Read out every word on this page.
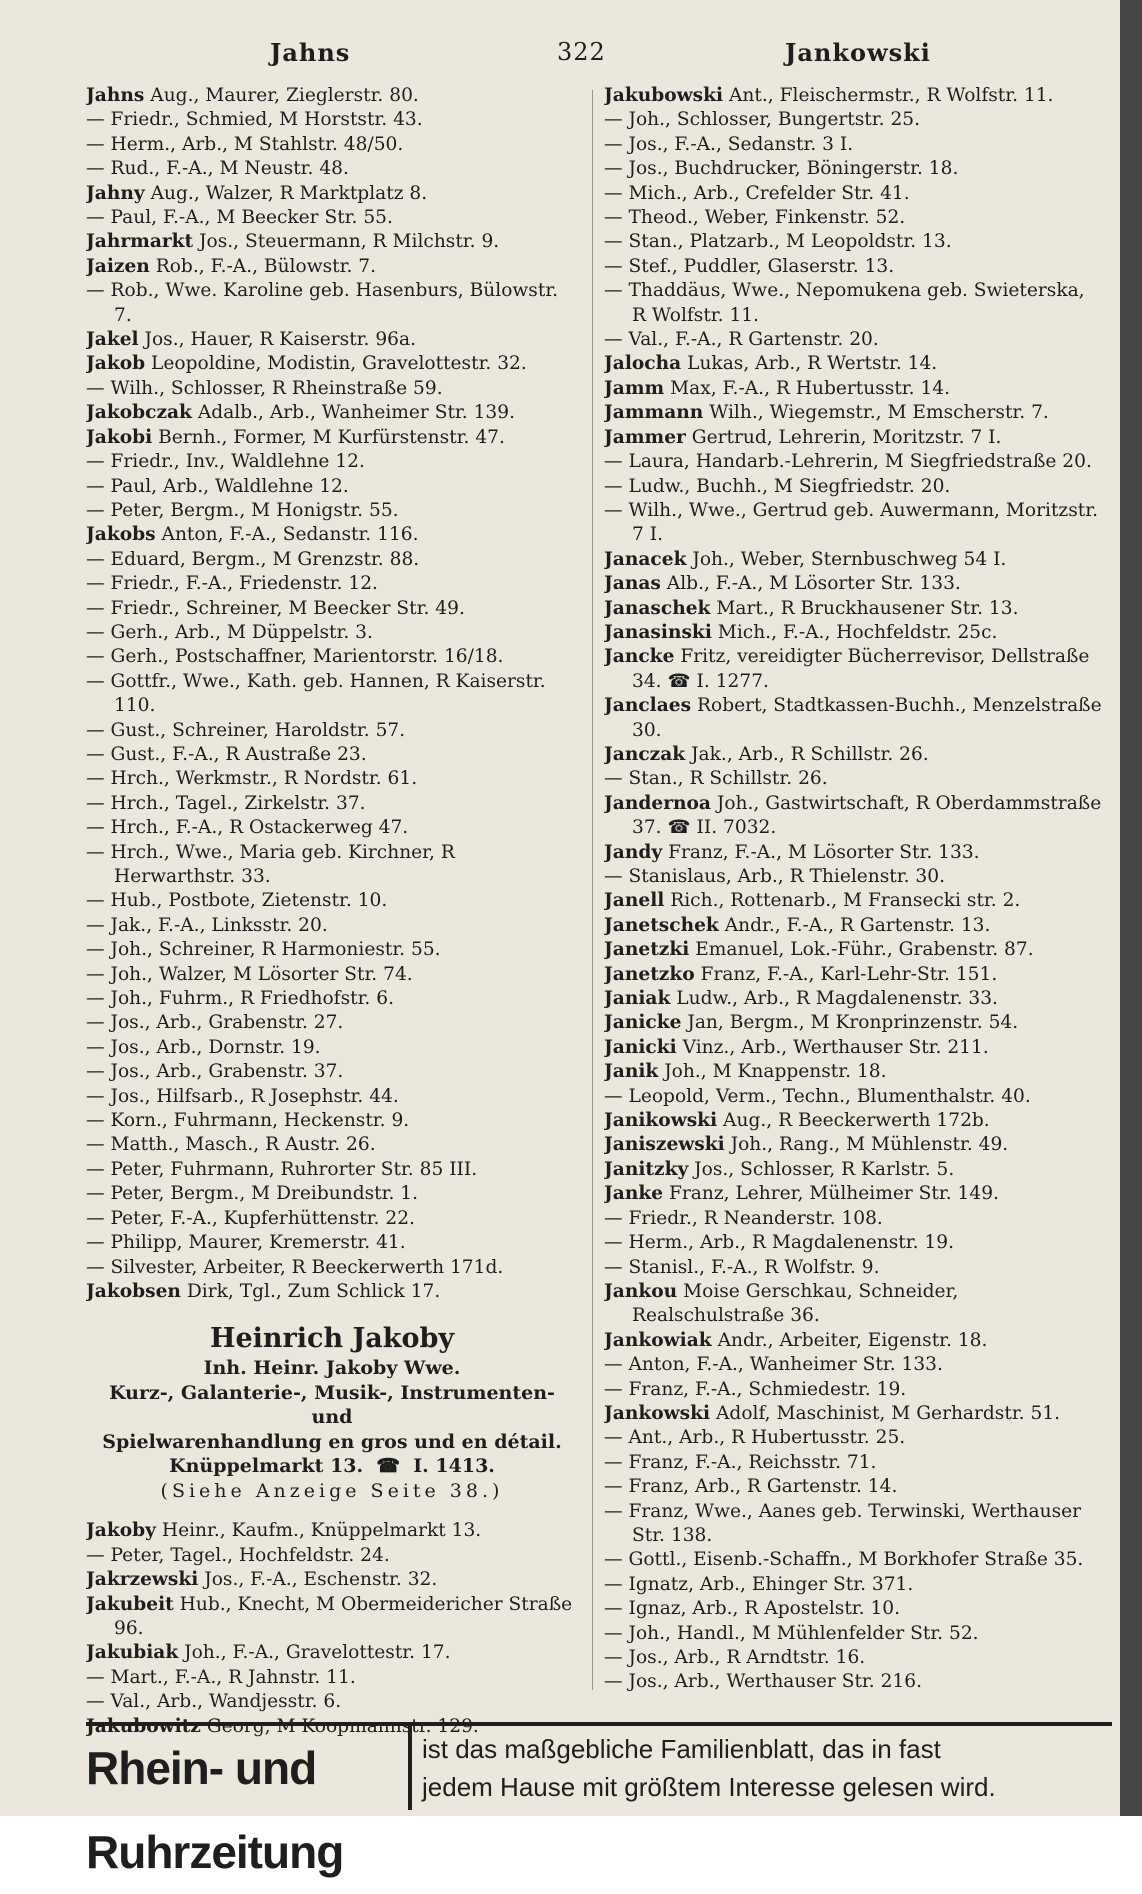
Jahns	322	Jankowski
Jahns Aug., Maurer, Zieglerstr. 80.
— Friedr., Schmied, M Horststr. 43.
— Herm., Arb., M Stahlstr. 48/50.
— Rud., F.-A., M Neustr. 48.
Jahny Aug., Walzer, R Marktplatz 8.
— Paul, F.-A., M Beecker Str. 55.
Jahrmarkt Jos., Steuermann, R Milchstr. 9.
Jaizen Rob., F.-A., Bülowstr. 7.
— Rob., Wwe. Karoline geb. Hasenburs, Bülowstr. 7.
Jakel Jos., Hauer, R Kaiserstr. 96a.
Jakob Leopoldine, Modistin, Gravelottestr. 32.
— Wilh., Schlosser, R Rheinstraße 59.
Jakobczak Adalb., Arb., Wanheimer Str. 139.
Jakobi Bernh., Former, M Kurfürstenstr. 47.
— Friedr., Inv., Waldlehne 12.
— Paul, Arb., Waldlehne 12.
— Peter, Bergm., M Honigstr. 55.
Jakobs Anton, F.-A., Sedanstr. 116.
— Eduard, Bergm., M Grenzstr. 88.
— Friedr., F.-A., Friedenstr. 12.
— Friedr., Schreiner, M Beecker Str. 49.
— Gerh., Arb., M Düppelstr. 3.
— Gerh., Postschaffner, Marientorstr. 16/18.
— Gottfr., Wwe., Kath. geb. Hannen, R Kaiserstr. 110.
— Gust., Schreiner, Haroldstr. 57.
— Gust., F.-A., R Austraße 23.
— Hrch., Werkmstr., R Nordstr. 61.
— Hrch., Tagel., Zirkelstr. 37.
— Hrch., F.-A., R Ostackerweg 47.
— Hrch., Wwe., Maria geb. Kirchner, R Herwarthstr. 33.
— Hub., Postbote, Zietenstr. 10.
— Jak., F.-A., Linksstr. 20.
— Joh., Schreiner, R Harmoniestr. 55.
— Joh., Walzer, M Lösorter Str. 74.
— Joh., Fuhrm., R Friedhofstr. 6.
— Jos., Arb., Grabenstr. 27.
— Jos., Arb., Dornstr. 19.
— Jos., Arb., Grabenstr. 37.
— Jos., Hilfsarb., R Josephstr. 44.
— Korn., Fuhrmann, Heckenstr. 9.
— Matth., Masch., R Austr. 26.
— Peter, Fuhrmann, Ruhrorter Str. 85 III.
— Peter, Bergm., M Dreibundstr. 1.
— Peter, F.-A., Kupferhüttenstr. 22.
— Philipp, Maurer, Kremerstr. 41.
— Silvester, Arbeiter, R Beeckerwerth 171d.
Jakobsen Dirk, Tgl., Zum Schlick 17.
Heinrich Jakoby
Inh. Heinr. Jakoby Wwe.
Kurz-, Galanterie-, Musik-, Instrumenten- und
Spielwarenhandlung en gros und en détail.
Knüppelmarkt 13.  ☎  I. 1413.
(Siehe Anzeige Seite 38.)
Jakoby Heinr., Kaufm., Knüppelmarkt 13.
— Peter, Tagel., Hochfeldstr. 24.
Jakrzewski Jos., F.-A., Eschenstr. 32.
Jakubeit Hub., Knecht, M Obermeidericher Straße 96.
Jakubiak Joh., F.-A., Gravelottestr. 17.
— Mart., F.-A., R Jahnstr. 11.
— Val., Arb., Wandjesstr. 6.
Jakubowitz Georg, M Koopmannstr. 129.
Jakubowski Ant., Fleischermstr., R Wolfstr. 11.
— Joh., Schlosser, Bungertstr. 25.
— Jos., F.-A., Sedanstr. 3 I.
— Jos., Buchdrucker, Böningerstr. 18.
— Mich., Arb., Crefelder Str. 41.
— Theod., Weber, Finkenstr. 52.
— Stan., Platzarb., M Leopoldstr. 13.
— Stef., Puddler, Glaserstr. 13.
— Thaddäus, Wwe., Nepomukena geb. Swieterska, R Wolfstr. 11.
— Val., F.-A., R Gartenstr. 20.
Jalocha Lukas, Arb., R Wertstr. 14.
Jamm Max, F.-A., R Hubertusstr. 14.
Jammann Wilh., Wiegemstr., M Emscherstr. 7.
Jammer Gertrud, Lehrerin, Moritzstr. 7 I.
— Laura, Handarb.-Lehrerin, M Siegfriedstraße 20.
— Ludw., Buchh., M Siegfriedstr. 20.
— Wilh., Wwe., Gertrud geb. Auwermann, Moritzstr. 7 I.
Janacek Joh., Weber, Sternbuschweg 54 I.
Janas Alb., F.-A., M Lösorter Str. 133.
Janaschek Mart., R Bruckhausener Str. 13.
Janasinski Mich., F.-A., Hochfeldstr. 25c.
Jancke Fritz, vereidigter Bücherrevisor, Dellstraße 34. ☎ I. 1277.
Janclaes Robert, Stadtkassen-Buchh., Menzelstraße 30.
Janczak Jak., Arb., R Schillstr. 26.
— Stan., R Schillstr. 26.
Jandernoa Joh., Gastwirtschaft, R Oberdammstraße 37. ☎ II. 7032.
Jandy Franz, F.-A., M Lösorter Str. 133.
— Stanislaus, Arb., R Thielenstr. 30.
Janell Rich., Rottenarb., M Fransecki str. 2.
Janetschek Andr., F.-A., R Gartenstr. 13.
Janetzki Emanuel, Lok.-Führ., Grabenstr. 87.
Janetzko Franz, F.-A., Karl-Lehr-Str. 151.
Janiak Ludw., Arb., R Magdalenenstr. 33.
Janicke Jan, Bergm., M Kronprinzenstr. 54.
Janicki Vinz., Arb., Werthauser Str. 211.
Janik Joh., M Knappenstr. 18.
— Leopold, Verm., Techn., Blumenthalstr. 40.
Janikowski Aug., R Beeckerwerth 172b.
Janiszewski Joh., Rang., M Mühlenstr. 49.
Janitzky Jos., Schlosser, R Karlstr. 5.
Janke Franz, Lehrer, Mülheimer Str. 149.
— Friedr., R Neanderstr. 108.
— Herm., Arb., R Magdalenenstr. 19.
— Stanisl., F.-A., R Wolfstr. 9.
Jankou Moise Gerschkau, Schneider, Realschulstraße 36.
Jankowiak Andr., Arbeiter, Eigenstr. 18.
— Anton, F.-A., Wanheimer Str. 133.
— Franz, F.-A., Schmiedestr. 19.
Jankowski Adolf, Maschinist, M Gerhardstr. 51.
— Ant., Arb., R Hubertusstr. 25.
— Franz, F.-A., Reichsstr. 71.
— Franz, Arb., R Gartenstr. 14.
— Franz, Wwe., Aanes geb. Terwinski, Werthauser Str. 138.
— Gottl., Eisenb.-Schaffn., M Borkhofer Straße 35.
— Ignatz, Arb., Ehinger Str. 371.
— Ignaz, Arb., R Apostelstr. 10.
— Joh., Handl., M Mühlenfelder Str. 52.
— Jos., Arb., R Arndtstr. 16.
— Jos., Arb., Werthauser Str. 216.
Rhein- und Ruhrzeitung
ist das maßgebliche Familienblatt, das in fast
jedem Hause mit größtem Interesse gelesen wird.
